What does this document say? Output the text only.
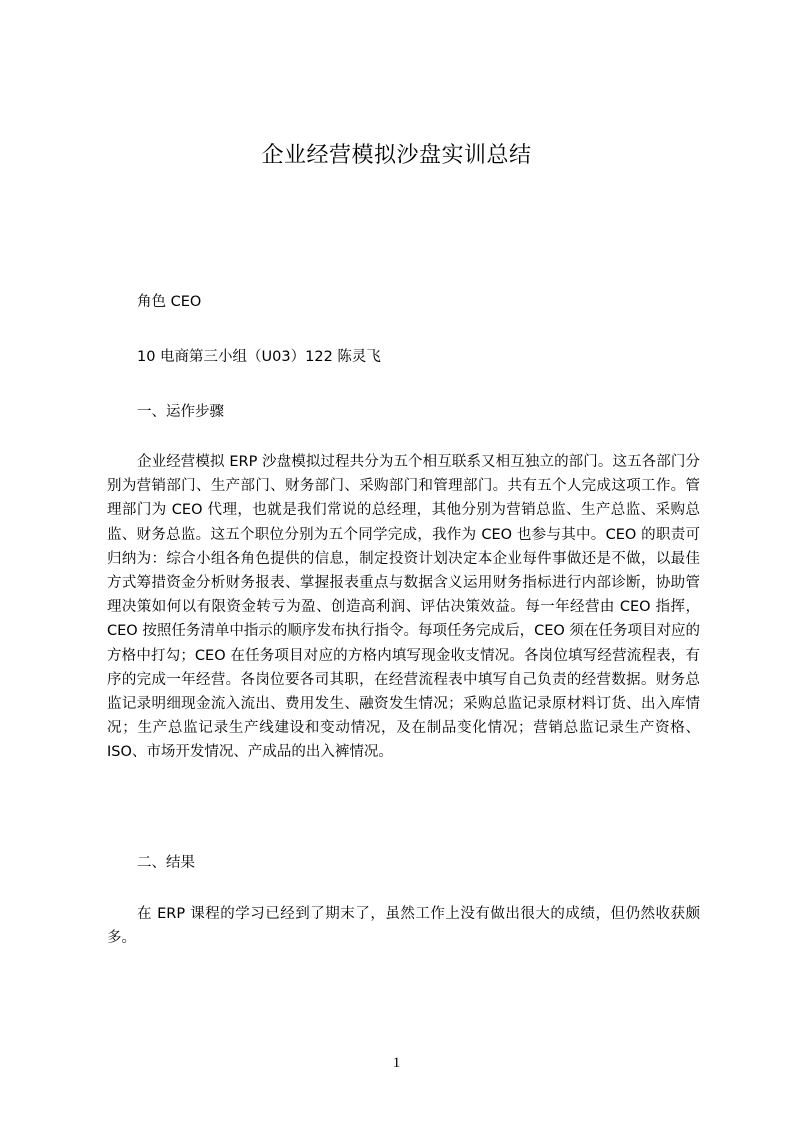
企业经营模拟沙盘实训总结
角色 CEO
10 电商第三小组（U03）122 陈灵飞
一、运作步骤

企业经营模拟 ERP 沙盘模拟过程共分为五个相互联系又相互独立的部门。这五各部门分别为营销部门、生产部门、财务部门、采购部门和管理部门。共有五个人完成这项工作。管理部门为 CEO 代理，也就是我们常说的总经理，其他分别为营销总监、生产总监、采购总监、财务总监。这五个职位分别为五个同学完成，我作为 CEO 也参与其中。CEO 的职责可归纳为：综合小组各角色提供的信息，制定投资计划决定本企业每件事做还是不做，以最佳方式筹措资金分析财务报表、掌握报表重点与数据含义运用财务指标进行内部诊断，协助管理决策如何以有限资金转亏为盈、创造高利润、评估决策效益。每一年经营由 CEO 指挥，CEO 按照任务清单中指示的顺序发布执行指令。每项任务完成后，CEO 须在任务项目对应的方格中打勾；CEO 在任务项目对应的方格内填写现金收支情况。各岗位填写经营流程表，有序的完成一年经营。各岗位要各司其职，在经营流程表中填写自己负责的经营数据。财务总监记录明细现金流入流出、费用发生、融资发生情况；采购总监记录原材料订货、出入库情况；生产总监记录生产线建设和变动情况，及在制品变化情况；营销总监记录生产资格、ISO、市场开发情况、产成品的出入裤情况。

二、结果

在 ERP 课程的学习已经到了期末了，虽然工作上没有做出很大的成绩，但仍然收获颇多。

1
